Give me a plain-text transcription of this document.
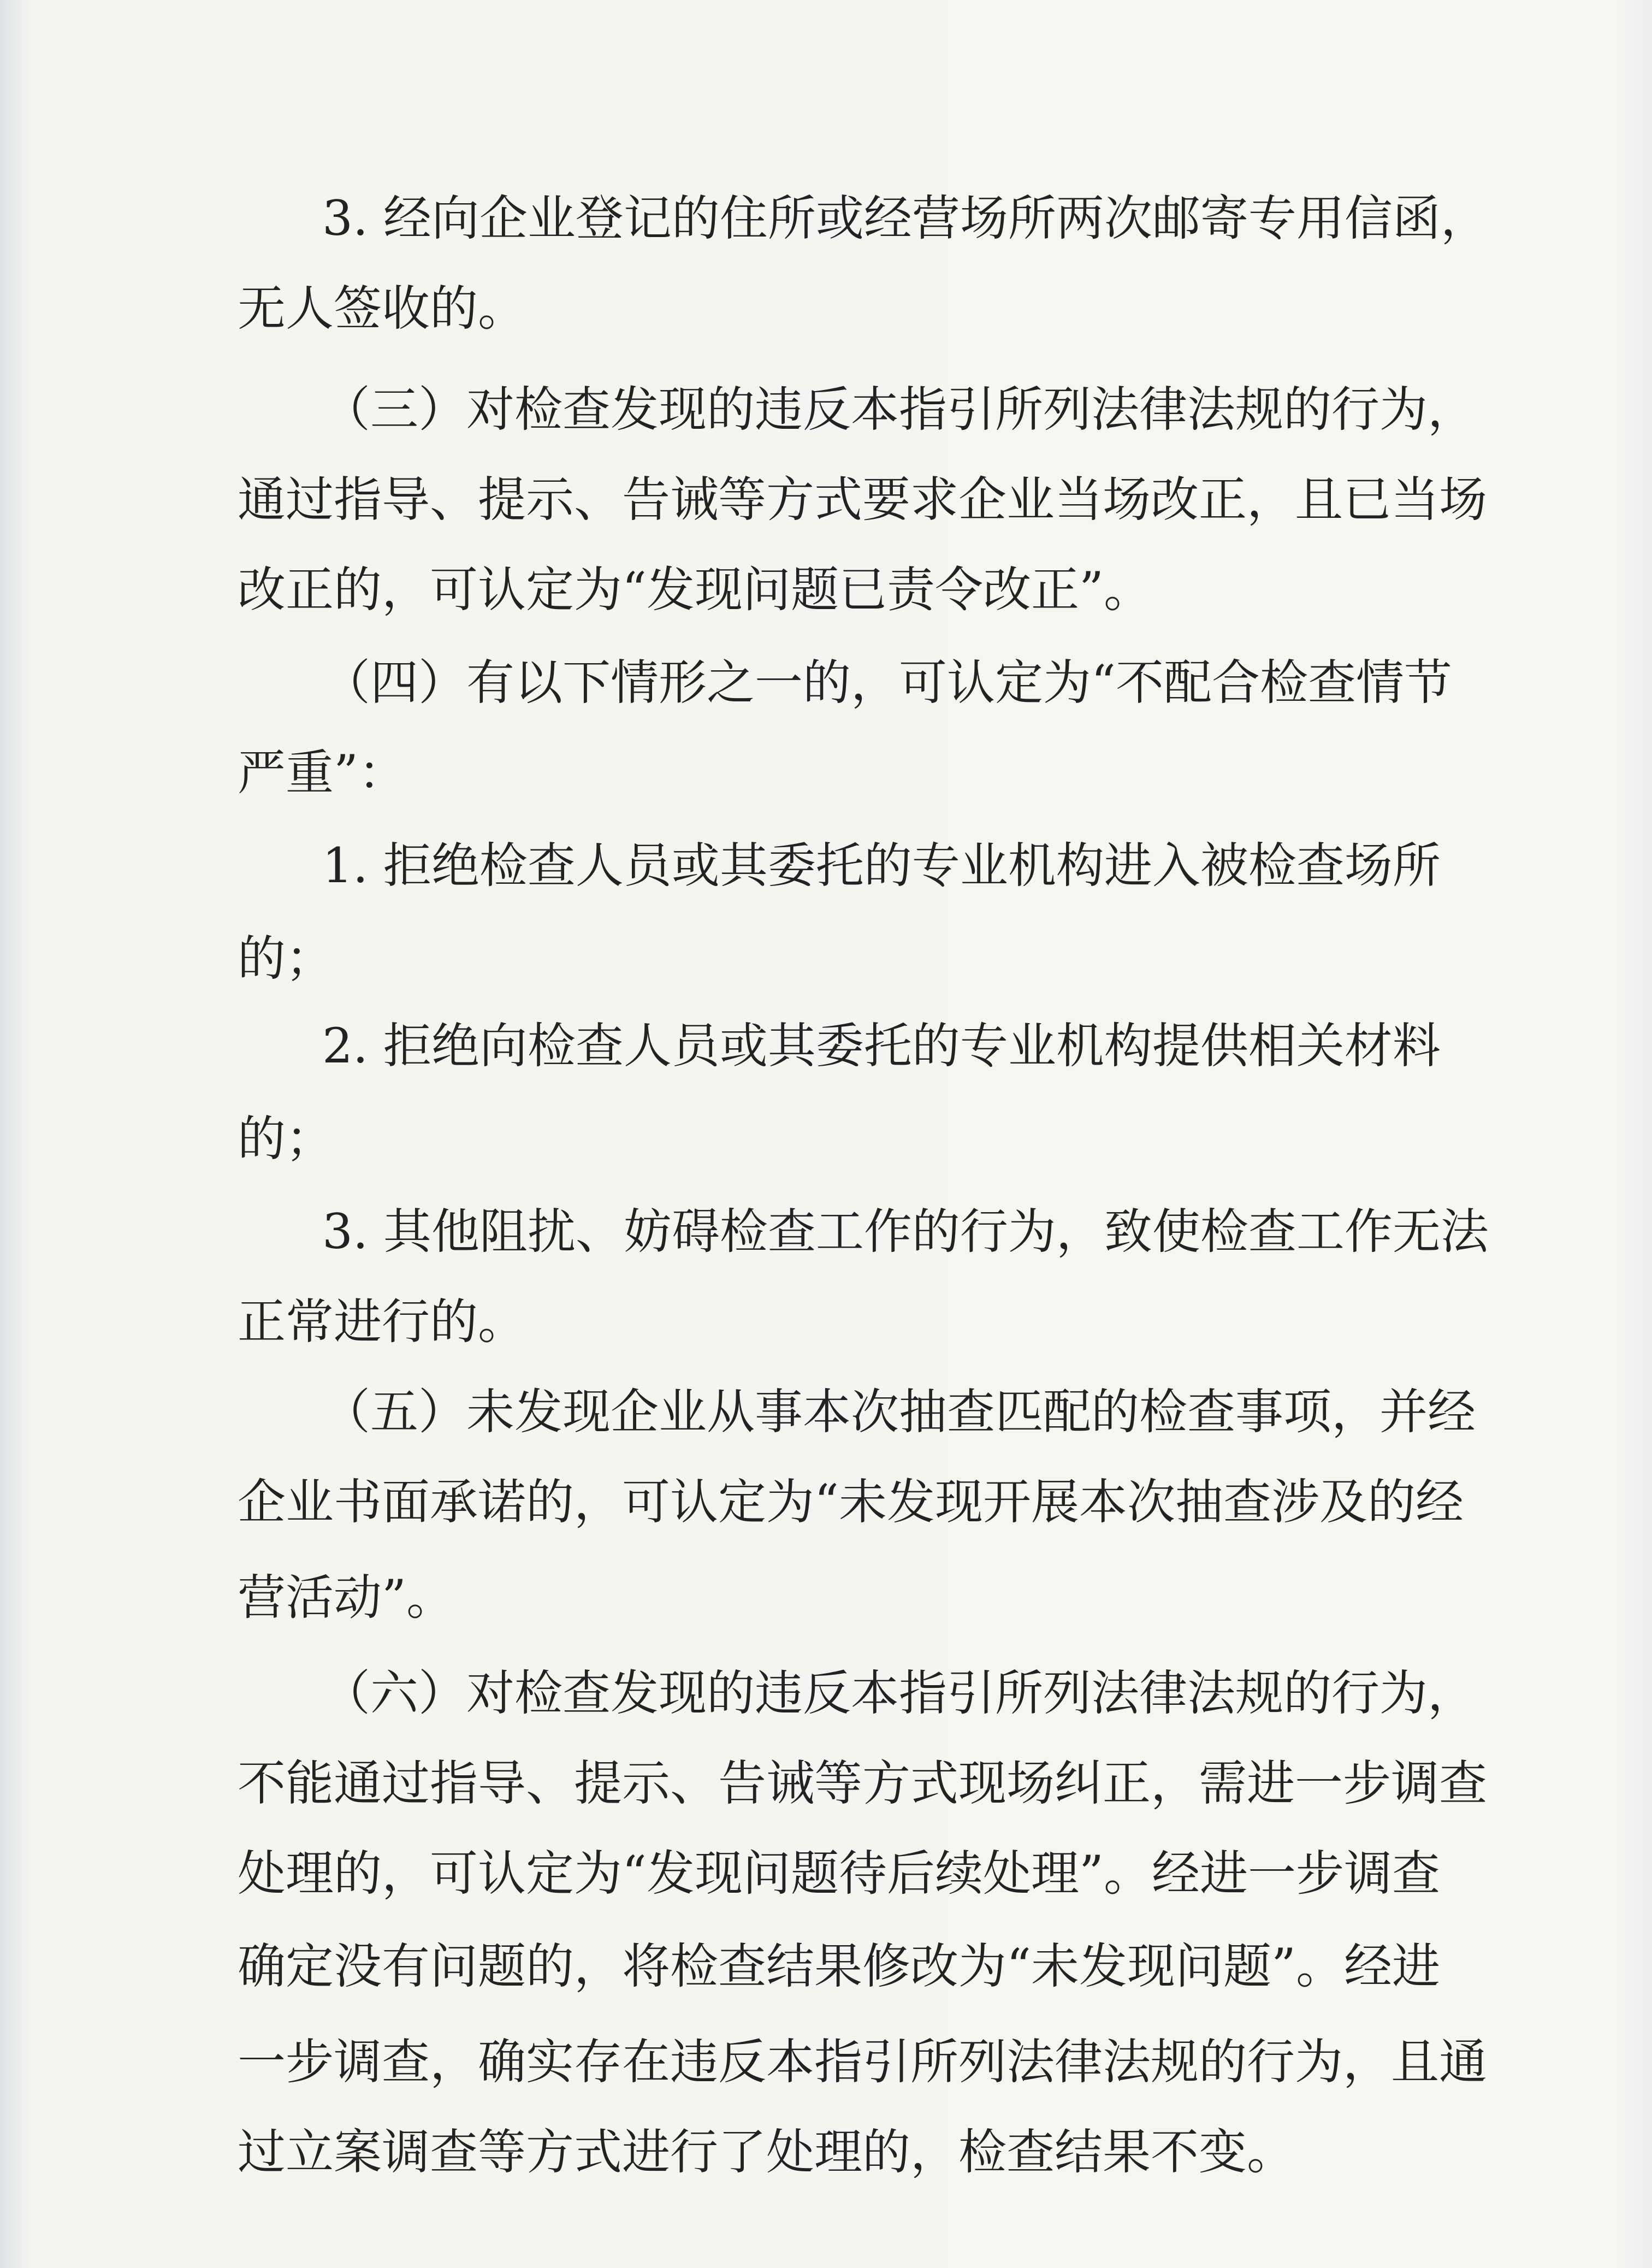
3. 经向企业登记的住所或经营场所两次邮寄专用信函，
无人签收的。
（三）对检查发现的违反本指引所列法律法规的行为，
通过指导、提示、告诫等方式要求企业当场改正，且已当场
改正的，可认定为“发现问题已责令改正”。
（四）有以下情形之一的，可认定为“不配合检查情节
严重”：
1. 拒绝检查人员或其委托的专业机构进入被检查场所
的；
2. 拒绝向检查人员或其委托的专业机构提供相关材料
的；
3. 其他阻扰、妨碍检查工作的行为，致使检查工作无法
正常进行的。
（五）未发现企业从事本次抽查匹配的检查事项，并经
企业书面承诺的，可认定为“未发现开展本次抽查涉及的经
营活动”。
（六）对检查发现的违反本指引所列法律法规的行为，
不能通过指导、提示、告诫等方式现场纠正，需进一步调查
处理的，可认定为“发现问题待后续处理”。经进一步调查
确定没有问题的，将检查结果修改为“未发现问题”。经进
一步调查，确实存在违反本指引所列法律法规的行为，且通
过立案调查等方式进行了处理的，检查结果不变。
